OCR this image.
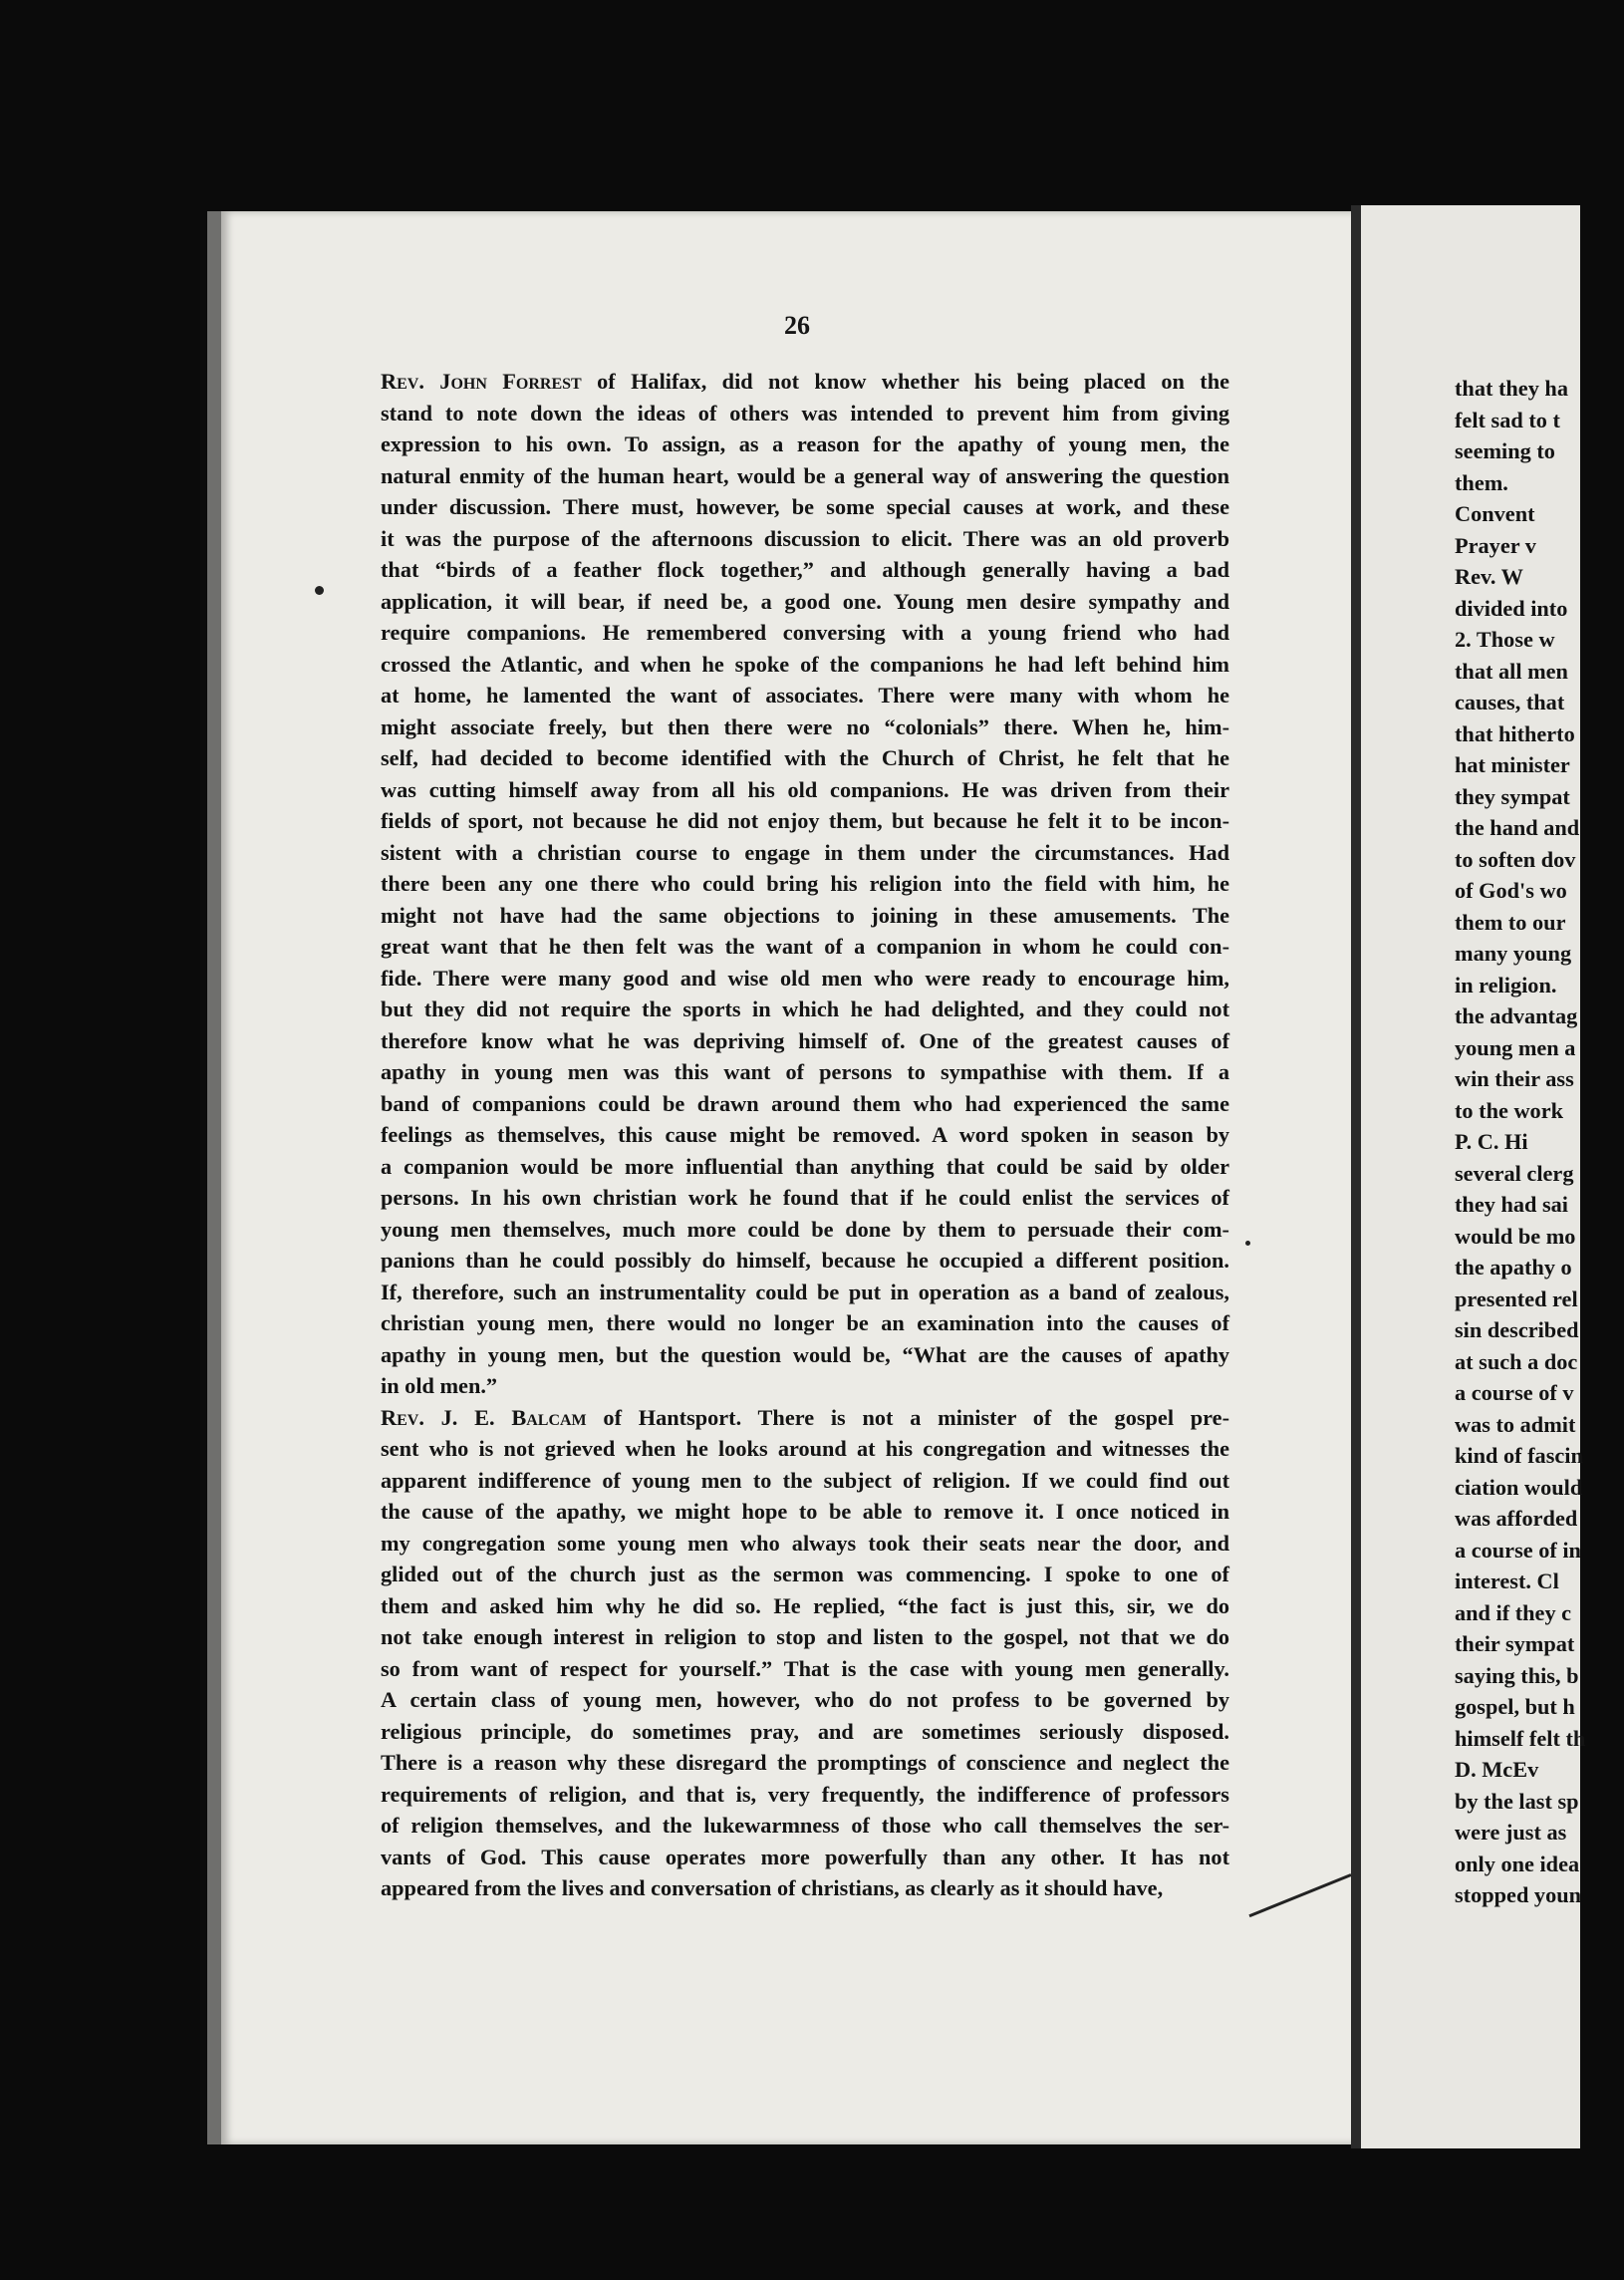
26

Rev. John Forrest of Halifax, did not know whether his being placed on the
stand to note down the ideas of others was intended to prevent him from giving
expression to his own. To assign, as a reason for the apathy of young men, the
natural enmity of the human heart, would be a general way of answering the question
under discussion. There must, however, be some special causes at work, and these
it was the purpose of the afternoons discussion to elicit. There was an old proverb
that “birds of a feather flock together,” and although generally having a bad
application, it will bear, if need be, a good one. Young men desire sympathy and
require companions. He remembered conversing with a young friend who had
crossed the Atlantic, and when he spoke of the companions he had left behind him
at home, he lamented the want of associates. There were many with whom he
might associate freely, but then there were no “colonials” there. When he, him-
self, had decided to become identified with the Church of Christ, he felt that he
was cutting himself away from all his old companions. He was driven from their
fields of sport, not because he did not enjoy them, but because he felt it to be incon-
sistent with a christian course to engage in them under the circumstances. Had
there been any one there who could bring his religion into the field with him, he
might not have had the same objections to joining in these amusements. The
great want that he then felt was the want of a companion in whom he could con-
fide. There were many good and wise old men who were ready to encourage him,
but they did not require the sports in which he had delighted, and they could not
therefore know what he was depriving himself of. One of the greatest causes of
apathy in young men was this want of persons to sympathise with them. If a
band of companions could be drawn around them who had experienced the same
feelings as themselves, this cause might be removed. A word spoken in season by
a companion would be more influential than anything that could be said by older
persons. In his own christian work he found that if he could enlist the services of
young men themselves, much more could be done by them to persuade their com-
panions than he could possibly do himself, because he occupied a different position.
If, therefore, such an instrumentality could be put in operation as a band of zealous,
christian young men, there would no longer be an examination into the causes of
apathy in young men, but the question would be, “What are the causes of apathy
in old men.”

Rev. J. E. Balcam of Hantsport. There is not a minister of the gospel pre-
sent who is not grieved when he looks around at his congregation and witnesses the
apparent indifference of young men to the subject of religion. If we could find out
the cause of the apathy, we might hope to be able to remove it. I once noticed in
my congregation some young men who always took their seats near the door, and
glided out of the church just as the sermon was commencing. I spoke to one of
them and asked him why he did so. He replied, “the fact is just this, sir, we do
not take enough interest in religion to stop and listen to the gospel, not that we do
so from want of respect for yourself.” That is the case with young men generally.
A certain class of young men, however, who do not profess to be governed by
religious principle, do sometimes pray, and are sometimes seriously disposed.
There is a reason why these disregard the promptings of conscience and neglect the
requirements of religion, and that is, very frequently, the indifference of professors
of religion themselves, and the lukewarmness of those who call themselves the ser-
vants of God. This cause operates more powerfully than any other. It has not
appeared from the lives and conversation of christians, as clearly as it should have,

that they ha
felt sad to t
seeming to
them.
Convent
Prayer v
Rev. W
divided into
2. Those w
that all men
causes, that
that hitherto
hat minister
they sympat
the hand and
to soften dov
of God's wo
them to our
many young
in religion.
the advantag
young men a
win their ass
to the work
P. C. Hi
several clerg
they had sai
would be mo
the apathy o
presented rel
sin described
at such a doc
a course of v
was to admit
kind of fascin
ciation would
was afforded
a course of in
interest. Cl
and if they c
their sympat
saying this, b
gospel, but h
himself felt th
D. McEv
by the last sp
were just as
only one idea
stopped youn
